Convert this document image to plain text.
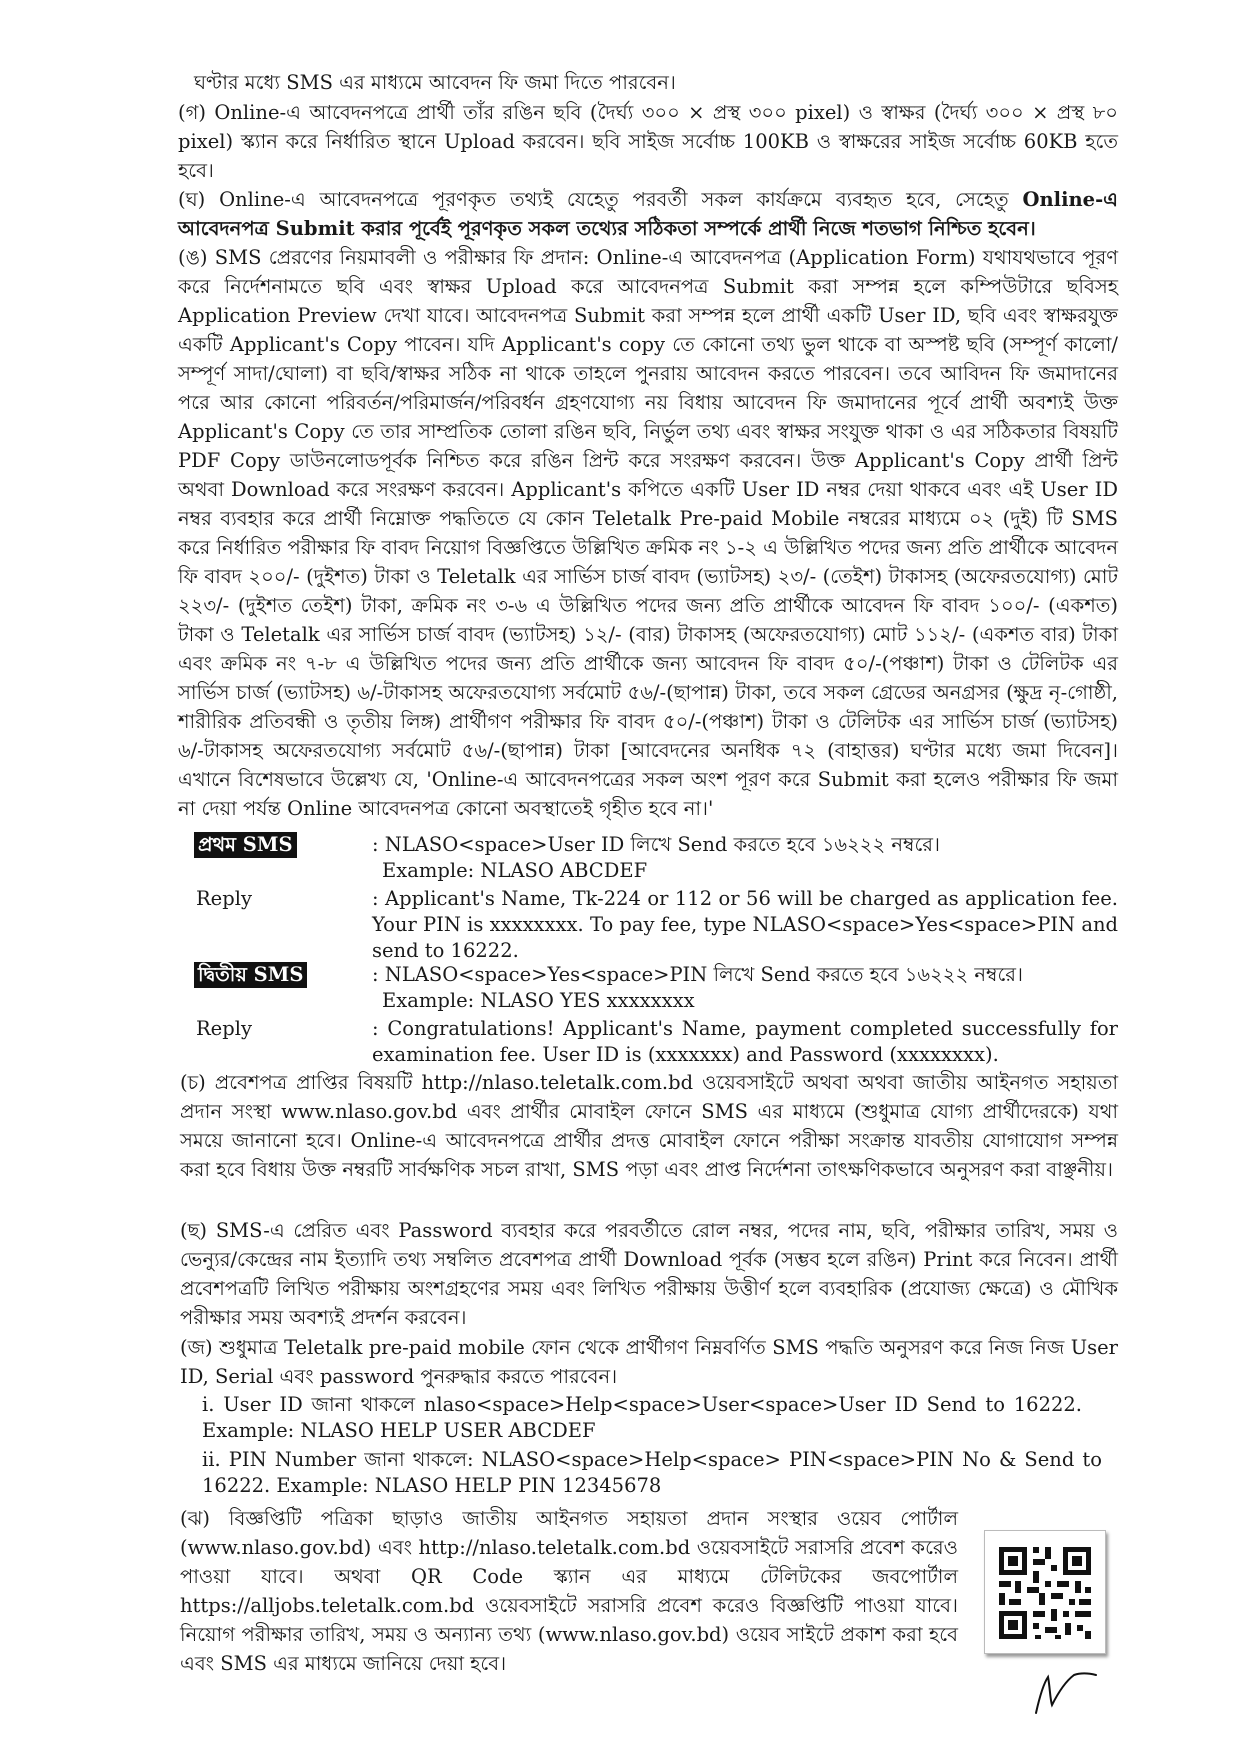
ঘণ্টার মধ্যে SMS এর মাধ্যমে আবেদন ফি জমা দিতে পারবেন।

(গ) Online-এ আবেদনপত্রে প্রার্থী তাঁর রঙিন ছবি (দৈর্ঘ্য ৩০০ × প্রস্থ ৩০০ pixel) ও স্বাক্ষর (দৈর্ঘ্য ৩০০ × প্রস্থ ৮০ pixel) স্ক্যান করে নির্ধারিত স্থানে Upload করবেন। ছবি সাইজ সর্বোচ্চ 100KB ও স্বাক্ষরের সাইজ সর্বোচ্চ 60KB হতে হবে।

(ঘ) Online-এ আবেদনপত্রে পূরণকৃত তথ্যই যেহেতু পরবর্তী সকল কার্যক্রমে ব্যবহৃত হবে, সেহেতু Online-এ আবেদনপত্র Submit করার পূর্বেই পূরণকৃত সকল তথ্যের সঠিকতা সম্পর্কে প্রার্থী নিজে শতভাগ নিশ্চিত হবেন।

(ঙ) SMS প্রেরণের নিয়মাবলী ও পরীক্ষার ফি প্রদান: Online-এ আবেদনপত্র (Application Form) যথাযথভাবে পূরণ করে নির্দেশনামতে ছবি এবং স্বাক্ষর Upload করে আবেদনপত্র Submit করা সম্পন্ন হলে কম্পিউটারে ছবিসহ Application Preview দেখা যাবে। আবেদনপত্র Submit করা সম্পন্ন হলে প্রার্থী একটি User ID, ছবি এবং স্বাক্ষরযুক্ত একটি Applicant's Copy পাবেন। যদি Applicant's copy তে কোনো তথ্য ভুল থাকে বা অস্পষ্ট ছবি (সম্পূর্ণ কালো/সম্পূর্ণ সাদা/ঘোলা) বা ছবি/স্বাক্ষর সঠিক না থাকে তাহলে পুনরায় আবেদন করতে পারবেন। তবে আবিদন ফি জমাদানের পরে আর কোনো পরিবর্তন/পরিমার্জন/পরিবর্ধন গ্রহণযোগ্য নয় বিধায় আবেদন ফি জমাদানের পূর্বে প্রার্থী অবশ্যই উক্ত Applicant's Copy তে তার সাম্প্রতিক তোলা রঙিন ছবি, নির্ভুল তথ্য এবং স্বাক্ষর সংযুক্ত থাকা ও এর সঠিকতার বিষয়টি PDF Copy ডাউনলোডপূর্বক নিশ্চিত করে রঙিন প্রিন্ট করে সংরক্ষণ করবেন। উক্ত Applicant's Copy প্রার্থী প্রিন্ট অথবা Download করে সংরক্ষণ করবেন। Applicant's কপিতে একটি User ID নম্বর দেয়া থাকবে এবং এই User ID নম্বর ব্যবহার করে প্রার্থী নিম্নোক্ত পদ্ধতিতে যে কোন Teletalk Pre-paid Mobile নম্বরের মাধ্যমে ০২ (দুই) টি SMS করে নির্ধারিত পরীক্ষার ফি বাবদ নিয়োগ বিজ্ঞপ্তিতে উল্লিখিত ক্রমিক নং ১-২ এ উল্লিখিত পদের জন্য প্রতি প্রার্থীকে আবেদন ফি বাবদ ২০০/- (দুইশত) টাকা ও Teletalk এর সার্ভিস চার্জ বাবদ (ভ্যাটসহ) ২৩/- (তেইশ) টাকাসহ (অফেরতযোগ্য) মোট ২২৩/- (দুইশত তেইশ) টাকা, ক্রমিক নং ৩-৬ এ উল্লিখিত পদের জন্য প্রতি প্রার্থীকে আবেদন ফি বাবদ ১০০/- (একশত) টাকা ও Teletalk এর সার্ভিস চার্জ বাবদ (ভ্যাটসহ) ১২/- (বার) টাকাসহ (অফেরতযোগ্য) মোট ১১২/- (একশত বার) টাকা এবং ক্রমিক নং ৭-৮ এ উল্লিখিত পদের জন্য প্রতি প্রার্থীকে জন্য আবেদন ফি বাবদ ৫০/-(পঞ্চাশ) টাকা ও টেলিটক এর সার্ভিস চার্জ (ভ্যাটসহ) ৬/-টাকাসহ অফেরতযোগ্য সর্বমোট ৫৬/-(ছাপান্ন) টাকা, তবে সকল গ্রেডের অনগ্রসর (ক্ষুদ্র নৃ-গোষ্ঠী, শারীরিক প্রতিবন্ধী ও তৃতীয় লিঙ্গ) প্রার্থীগণ পরীক্ষার ফি বাবদ ৫০/-(পঞ্চাশ) টাকা ও টেলিটক এর সার্ভিস চার্জ (ভ্যাটসহ) ৬/-টাকাসহ অফেরতযোগ্য সর্বমোট ৫৬/-(ছাপান্ন) টাকা [আবেদনের অনধিক ৭২ (বাহাত্তর) ঘণ্টার মধ্যে জমা দিবেন]। এখানে বিশেষভাবে উল্লেখ্য যে, 'Online-এ আবেদনপত্রের সকল অংশ পূরণ করে Submit করা হলেও পরীক্ষার ফি জমা না দেয়া পর্যন্ত Online আবেদনপত্র কোনো অবস্থাতেই গৃহীত হবে না।'

প্রথম SMS	: NLASO<space>User ID লিখে Send করতে হবে ১৬২২২ নম্বরে।
Example: NLASO ABCDEF
Reply	: Applicant's Name, Tk-224 or 112 or 56 will be charged as application fee. Your PIN is xxxxxxxx. To pay fee, type NLASO<space>Yes<space>PIN and send to 16222.
দ্বিতীয় SMS	: NLASO<space>Yes<space>PIN লিখে Send করতে হবে ১৬২২২ নম্বরে।
Example: NLASO YES xxxxxxxx
Reply	: Congratulations! Applicant's Name, payment completed successfully for examination fee. User ID is (xxxxxxx) and Password (xxxxxxxx).

(চ) প্রবেশপত্র প্রাপ্তির বিষয়টি http://nlaso.teletalk.com.bd ওয়েবসাইটে অথবা অথবা জাতীয় আইনগত সহায়তা প্রদান সংস্থা www.nlaso.gov.bd এবং প্রার্থীর মোবাইল ফোনে SMS এর মাধ্যমে (শুধুমাত্র যোগ্য প্রার্থীদেরকে) যথা সময়ে জানানো হবে। Online-এ আবেদনপত্রে প্রার্থীর প্রদত্ত মোবাইল ফোনে পরীক্ষা সংক্রান্ত যাবতীয় যোগাযোগ সম্পন্ন করা হবে বিধায় উক্ত নম্বরটি সার্বক্ষণিক সচল রাখা, SMS পড়া এবং প্রাপ্ত নির্দেশনা তাৎক্ষণিকভাবে অনুসরণ করা বাঞ্ছনীয়।

(ছ) SMS-এ প্রেরিত এবং Password ব্যবহার করে পরবর্তীতে রোল নম্বর, পদের নাম, ছবি, পরীক্ষার তারিখ, সময় ও ভেন্যুর/কেন্দ্রের নাম ইত্যাদি তথ্য সম্বলিত প্রবেশপত্র প্রার্থী Download পূর্বক (সম্ভব হলে রঙিন) Print করে নিবেন। প্রার্থী প্রবেশপত্রটি লিখিত পরীক্ষায় অংশগ্রহণের সময় এবং লিখিত পরীক্ষায় উত্তীর্ণ হলে ব্যবহারিক (প্রযোজ্য ক্ষেত্রে) ও মৌখিক পরীক্ষার সময় অবশ্যই প্রদর্শন করবেন।

(জ) শুধুমাত্র Teletalk pre-paid mobile ফোন থেকে প্রার্থীগণ নিম্নবর্ণিত SMS পদ্ধতি অনুসরণ করে নিজ নিজ User ID, Serial এবং password পুনরুদ্ধার করতে পারবেন।

i. User ID জানা থাকলে nlaso<space>Help<space>User<space>User ID Send to 16222. Example: NLASO HELP USER ABCDEF

ii. PIN Number জানা থাকলে: NLASO<space>Help<space> PIN<space>PIN No & Send to 16222. Example: NLASO HELP PIN 12345678

(ঝ) বিজ্ঞপ্তিটি পত্রিকা ছাড়াও জাতীয় আইনগত সহায়তা প্রদান সংস্থার ওয়েব পোর্টাল (www.nlaso.gov.bd) এবং http://nlaso.teletalk.com.bd ওয়েবসাইটে সরাসরি প্রবেশ করেও পাওয়া যাবে। অথবা QR Code স্ক্যান এর মাধ্যমে টেলিটকের জবপোর্টাল https://alljobs.teletalk.com.bd ওয়েবসাইটে সরাসরি প্রবেশ করেও বিজ্ঞপ্তিটি পাওয়া যাবে। নিয়োগ পরীক্ষার তারিখ, সময় ও অন্যান্য তথ্য (www.nlaso.gov.bd) ওয়েব সাইটে প্রকাশ করা হবে এবং SMS এর মাধ্যমে জানিয়ে দেয়া হবে।
